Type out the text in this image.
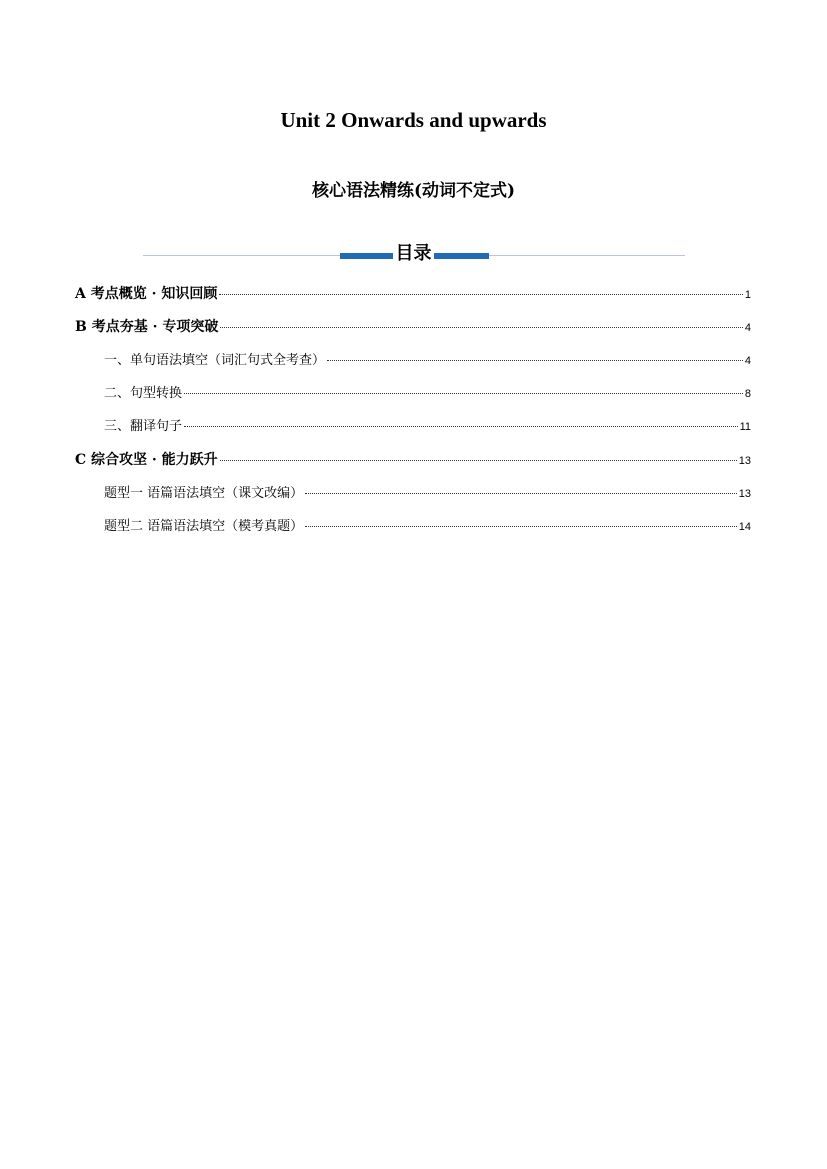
Unit 2 Onwards and upwards
核心语法精练(动词不定式)
目录
A 考点概览 · 知识回顾	1
B 考点夯基 · 专项突破	4
一、单句语法填空（词汇句式全考查）	4
二、句型转换	8
三、翻译句子	11
C 综合攻坚 · 能力跃升	13
题型一 语篇语法填空（课文改编）	13
题型二 语篇语法填空（模考真题）	14
